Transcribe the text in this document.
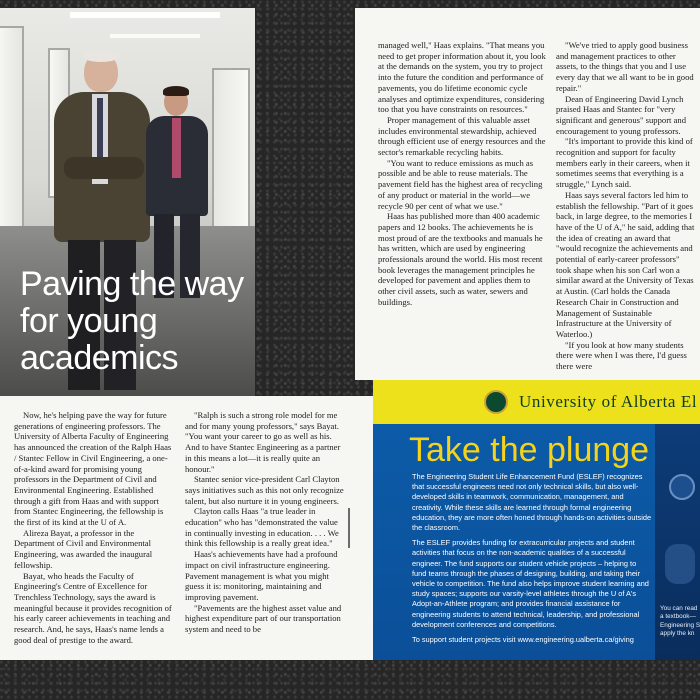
Paving the way for young academics

managed well," Haas explains. "That means you need to get proper information about it, you look at the demands on the system, you try to project into the future the condition and performance of pavements, you do lifetime economic cycle analyses and optimize expenditures, considering too that you have constraints on resources."

Proper management of this valuable asset includes environmental stewardship, achieved through efficient use of energy resources and the sector's remarkable recycling habits.

"You want to reduce emissions as much as possible and be able to reuse materials. The pavement field has the highest area of recycling of any product or material in the world—we recycle 90 per cent of what we use."

Haas has published more than 400 academic papers and 12 books. The achievements he is most proud of are the textbooks and manuals he has written, which are used by engineering professionals around the world. His most recent book leverages the management principles he developed for pavement and applies them to other civil assets, such as water, sewers and buildings.

"We've tried to apply good business and management practices to other assets, to the things that you and I use every day that we all want to be in good repair."

Dean of Engineering David Lynch praised Haas and Stantec for "very significant and generous" support and encouragement to young professors.

"It's important to provide this kind of recognition and support for faculty members early in their careers, when it sometimes seems that everything is a struggle," Lynch said.

Haas says several factors led him to establish the fellowship. "Part of it goes back, in large degree, to the memories I have of the U of A," he said, adding that the idea of creating an award that "would recognize the achievements and potential of early-career professors" took shape when his son Carl won a similar award at the University of Texas at Austin. (Carl holds the Canada Research Chair in Construction and Management of Sustainable Infrastructure at the University of Waterloo.)

"If you look at how many students there were when I was there, I'd guess there were

Now, he's helping pave the way for future generations of engineering professors. The University of Alberta Faculty of Engineering has announced the creation of the Ralph Haas / Stantec Fellow in Civil Engineering, a one-of-a-kind award for promising young professors in the Department of Civil and Environmental Engineering. Established through a gift from Haas and with support from Stantec Engineering, the fellowship is the first of its kind at the U of A.

Alireza Bayat, a professor in the Department of Civil and Environmental Engineering, was awarded the inaugural fellowship.

Bayat, who heads the Faculty of Engineering's Centre of Excellence for Trenchless Technology, says the award is meaningful because it provides recognition of his early career achievements in teaching and research. And, he says, Haas's name lends a good deal of prestige to the award.

"Ralph is such a strong role model for me and for many young professors," says Bayat. "You want your career to go as well as his. And to have Stantec Engineering as a partner in this means a lot—it is really quite an honour."

Stantec senior vice-president Carl Clayton says initiatives such as this not only recognize talent, but also nurture it in young engineers.

Clayton calls Haas "a true leader in education" who has "demonstrated the value in continually investing in education. . . . We think this fellowship is a really great idea."

Haas's achievements have had a profound impact on civil infrastructure engineering. Pavement management is what you might guess it is: monitoring, maintaining and improving pavement.

"Pavements are the highest asset value and highest expenditure part of our transportation system and need to be

University of Alberta El
Take the plunge

The Engineering Student Life Enhancement Fund (ESLEF) recognizes that successful engineers need not only technical skills, but also well-developed skills in teamwork, communication, management, and creativity. While these skills are learned through formal engineering education, they are more often honed through hands-on activities outside the classroom.

The ESLEF provides funding for extracurricular projects and student activities that focus on the non-academic qualities of a successful engineer. The fund supports our student vehicle projects – helping to fund teams through the phases of designing, building, and taking their vehicle to competition. The fund also helps improve student learning and study spaces; supports our varsity-level athletes through the U of A's Adopt-an-Athlete program; and provides financial assistance for engineering students to attend technical, leadership, and professional development conferences and competitions.

To support student projects visit www.engineering.ualberta.ca/giving

You can read
a textbook—
Engineering S
apply the kn
